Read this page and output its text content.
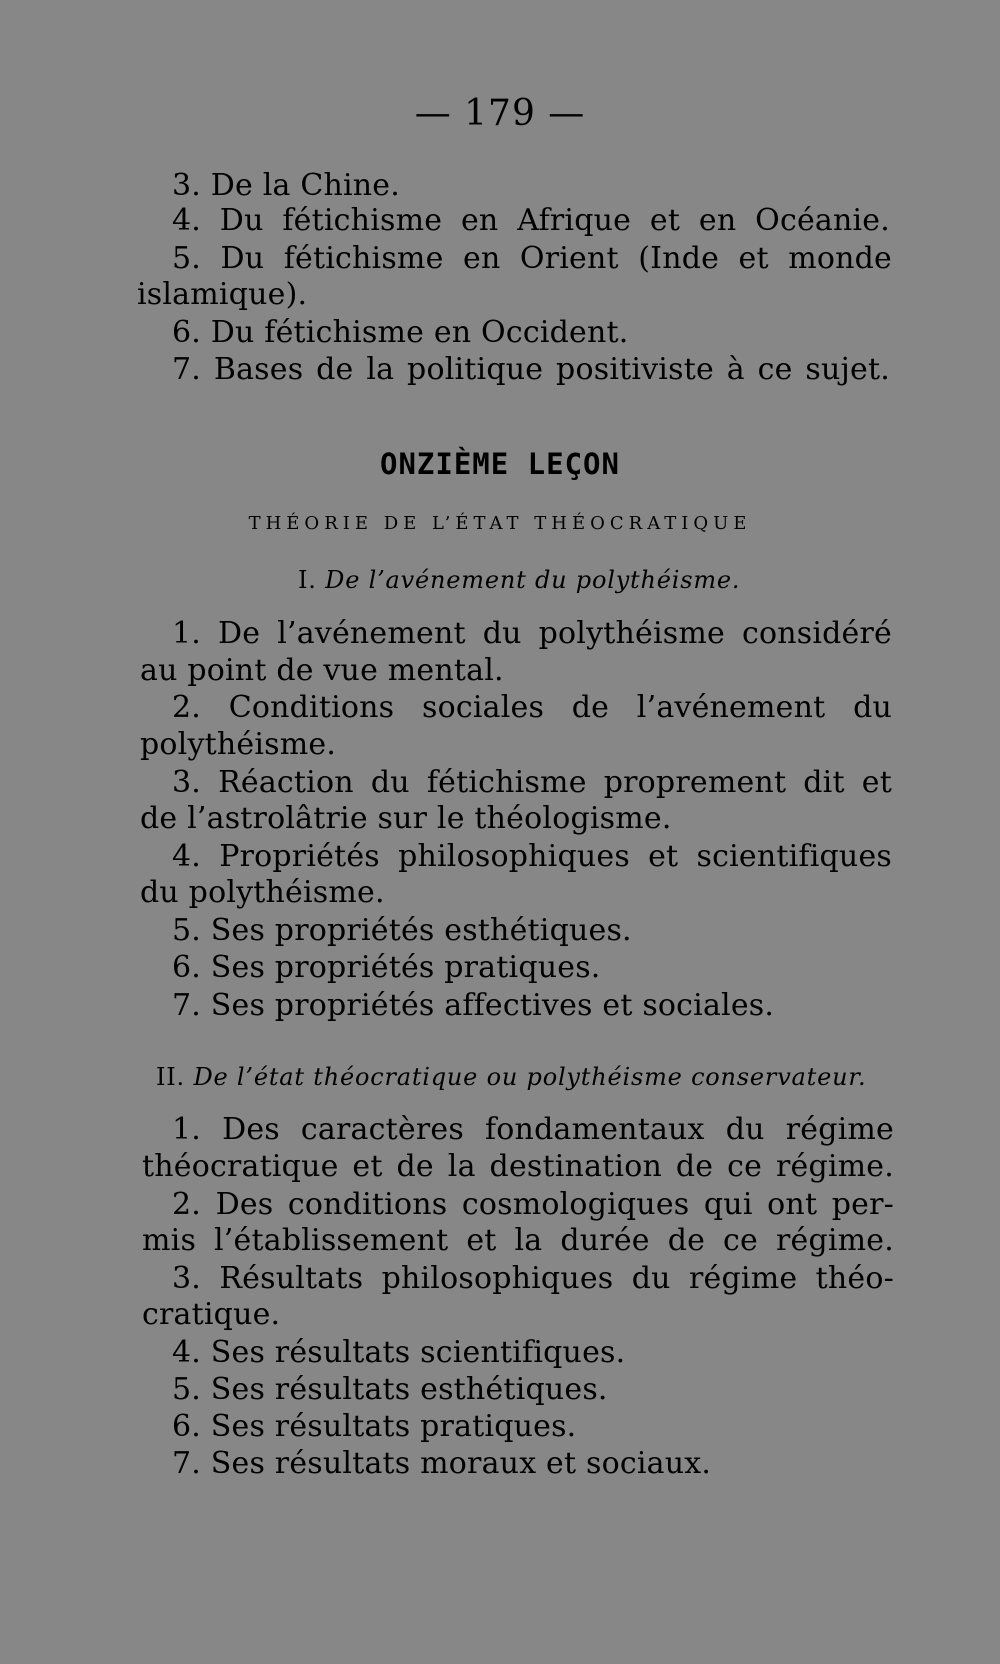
— 179 —
3. De la Chine.
4. Du fétichisme en Afrique et en Océanie.
5. Du fétichisme en Orient (Inde et monde
islamique).
6. Du fétichisme en Occident.
7. Bases de la politique positiviste à ce sujet.
ONZIÈME LEÇON
THÉORIE DE L’ÉTAT THÉOCRATIQUE
I. De l’avénement du polythéisme.
1. De l’avénement du polythéisme considéré
au point de vue mental.
2. Conditions sociales de l’avénement du
polythéisme.
3. Réaction du fétichisme proprement dit et
de l’astrolâtrie sur le théologisme.
4. Propriétés philosophiques et scientifiques
du polythéisme.
5. Ses propriétés esthétiques.
6. Ses propriétés pratiques.
7. Ses propriétés affectives et sociales.
II. De l’état théocratique ou polythéisme conservateur.
1. Des caractères fondamentaux du régime
théocratique et de la destination de ce régime.
2. Des conditions cosmologiques qui ont per-
mis l’établissement et la durée de ce régime.
3. Résultats philosophiques du régime théo-
cratique.
4. Ses résultats scientifiques.
5. Ses résultats esthétiques.
6. Ses résultats pratiques.
7. Ses résultats moraux et sociaux.
